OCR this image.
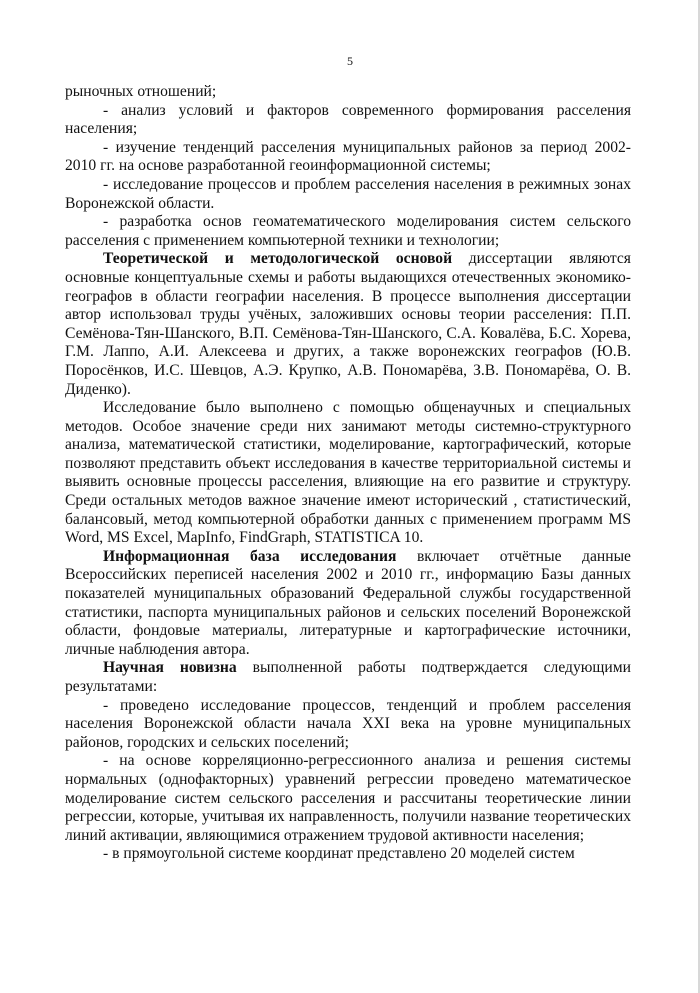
5

рыночных отношений;

- анализ условий и факторов современного формирования расселения населения;

- изучение тенденций расселения муниципальных районов за период 2002-2010 гг. на основе разработанной геоинформационной системы;

- исследование процессов и проблем расселения населения в режимных зонах Воронежской области.

- разработка основ геоматематического моделирования систем сельского расселения с применением компьютерной техники и технологии;

Теоретической и методологической основой диссертации являются основные концептуальные схемы и работы выдающихся отечественных экономико-географов в области географии населения. В процессе выполнения диссертации автор использовал труды учёных, заложивших основы теории расселения: П.П. Семёнова-Тян-Шанского, В.П. Семёнова-Тян-Шанского, С.А. Ковалёва, Б.С. Хорева, Г.М. Лаппо, А.И. Алексеева и других, а также воронежских географов (Ю.В. Поросёнков, И.С. Шевцов, А.Э. Крупко, А.В. Пономарёва, З.В. Пономарёва, О. В. Диденко).

Исследование было выполнено с помощью общенаучных и специальных методов. Особое значение среди них занимают методы системно-структурного анализа, математической статистики, моделирование, картографический, которые позволяют представить объект исследования в качестве территориальной системы и выявить основные процессы расселения, влияющие на его развитие и структуру. Среди остальных методов важное значение имеют исторический , статистический, балансовый, метод компьютерной обработки данных с применением программ MS Word, MS Excel, MapInfo, FindGraph, STATISTICA 10.

Информационная база исследования включает отчётные данные Всероссийских переписей населения 2002 и 2010 гг., информацию Базы данных показателей муниципальных образований Федеральной службы государственной статистики, паспорта муниципальных районов и сельских поселений Воронежской области, фондовые материалы, литературные и картографические источники, личные наблюдения автора.

Научная новизна выполненной работы подтверждается следующими результатами:

- проведено исследование процессов, тенденций и проблем расселения населения Воронежской области начала XXI века на уровне муниципальных районов, городских и сельских поселений;

- на основе корреляционно-регрессионного анализа и решения системы нормальных (однофакторных) уравнений регрессии проведено математическое моделирование систем сельского расселения и рассчитаны теоретические линии регрессии, которые, учитывая их направленность, получили название теоретических линий активации, являющимися отражением трудовой активности населения;

- в прямоугольной системе координат представлено 20 моделей систем
